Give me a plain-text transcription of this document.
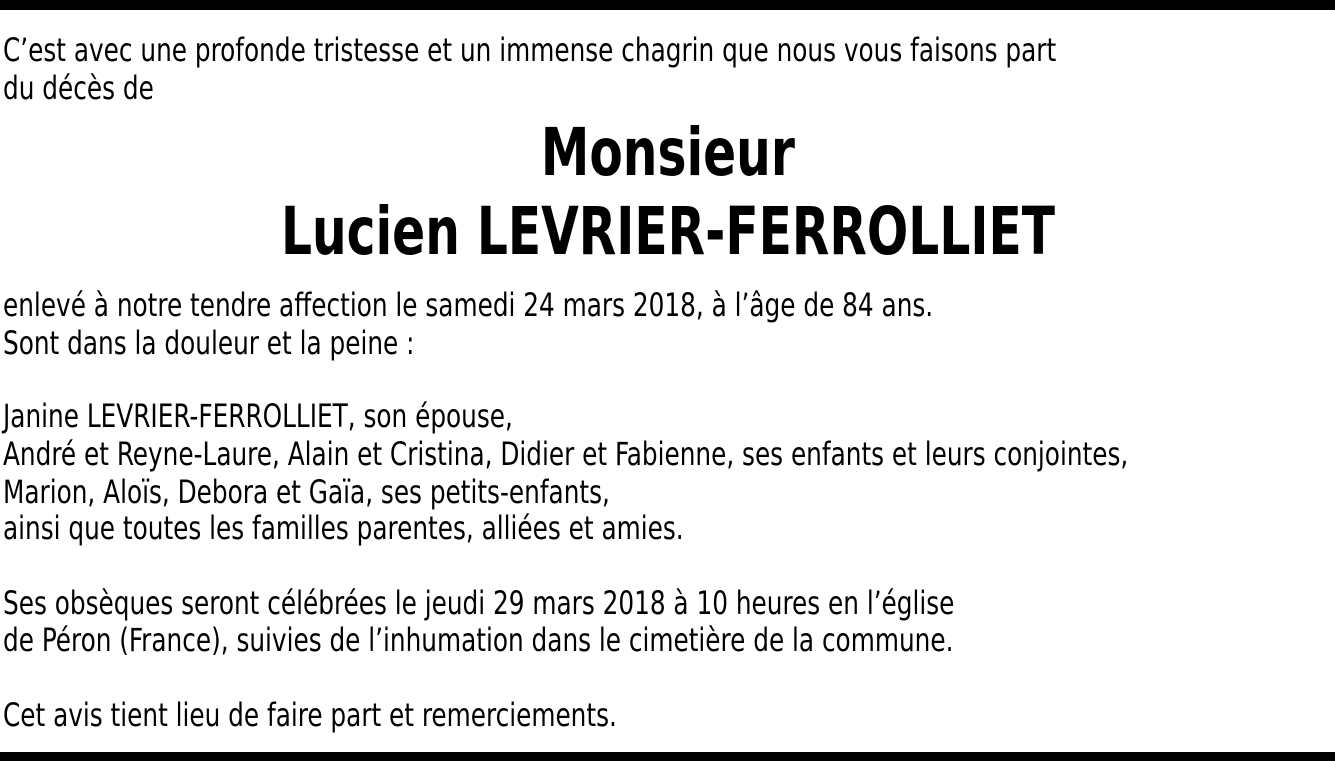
C’est avec une profonde tristesse et un immense chagrin que nous vous faisons part
du décès de
Monsieur
Lucien LEVRIER-FERROLLIET
enlevé à notre tendre affection le samedi 24 mars 2018, à l’âge de 84 ans.
Sont dans la douleur et la peine :
Janine LEVRIER-FERROLLIET, son épouse,
André et Reyne-Laure, Alain et Cristina, Didier et Fabienne, ses enfants et leurs conjointes,
Marion, Aloïs, Debora et Gaïa, ses petits-enfants,
ainsi que toutes les familles parentes, alliées et amies.
Ses obsèques seront célébrées le jeudi 29 mars 2018 à 10 heures en l’église
de Péron (France), suivies de l’inhumation dans le cimetière de la commune.
Cet avis tient lieu de faire part et remerciements.
